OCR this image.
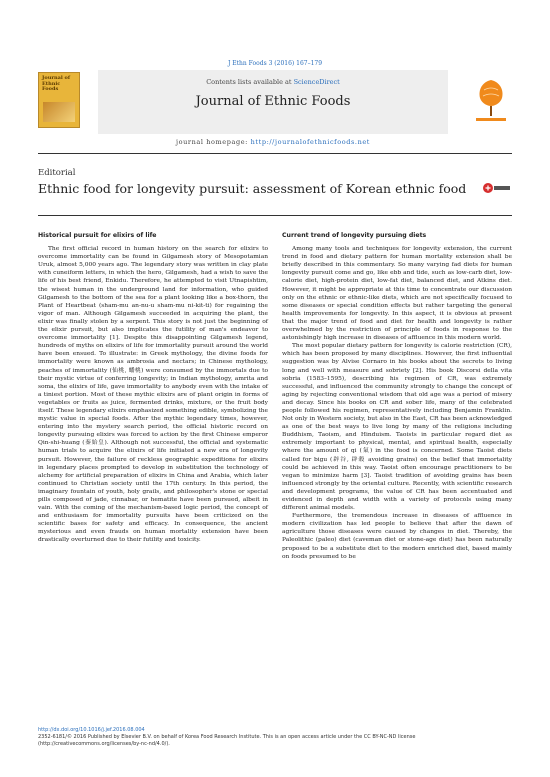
J Ethn Foods 3 (2016) 167–179
Journal of Ethnic Foods
Contents lists available at ScienceDirect
Journal of Ethnic Foods
journal homepage: http://journalofethnicfoods.net
Editorial
Ethnic food for longevity pursuit: assessment of Korean ethnic food
Historical pursuit for elixirs of life

The first official record in human history on the search for elixirs to overcome immortality can be found in Gilgamesh story of Mesopotamian Uruk, almost 5,000 years ago. The legendary story was written in clay plate with cuneiform letters, in which the hero, Gilgamesh, had a wish to save the life of his best friend, Enkidu. Therefore, he attempted to visit Utnapishtim, the wisest human in the underground land for information, who guided Gilgamesh to the bottom of the sea for a plant looking like a box-thorn, the Plant of Heartbeat (sham-mu an-nu-u sham-mu ni-kit-ti) for regaining the vigor of man. Although Gilgamesh succeeded in acquiring the plant, the elixir was finally stolen by a serpent. This story is not just the beginning of the elixir pursuit, but also implicates the futility of man's endeavor to overcome immortality [1]. Despite this disappointing Gilgamesh legend, hundreds of myths on elixirs of life for immortality pursuit around the world have been ensued. To illustrate: in Greek mythology, the divine foods for immortality were known as ambrosia and nectars; in Chinese mythology, peaches of immortality (仙桃, 蟠桃) were consumed by the immortals due to their mystic virtue of conferring longevity; in Indian mythology, amrita and soma, the elixirs of life, gave immortality to anybody even with the intake of a tiniest portion. Most of these mythic elixirs are of plant origin in forms of vegetables or fruits as juice, fermented drinks, mixture, or the fruit body itself. These legendary elixirs emphasized something edible, symbolizing the mystic value in special foods. After the mythic legendary times, however, entering into the mystery search period, the official historic record on longevity pursuing elixirs was forced to action by the first Chinese emperor Qin-shi-huang (秦始皇). Although not successful, the official and systematic human trials to acquire the elixirs of life initiated a new era of longevity pursuit. However, the failure of reckless geographic expeditions for elixirs in legendary places prompted to develop in substitution the technology of alchemy for artificial preparation of elixirs in China and Arabia, which later continued to Christian society until the 17th century. In this period, the imaginary fountain of youth, holy grails, and philosopher's stone or special pills composed of jade, cinnabar, or hematite have been pursued, albeit in vain. With the coming of the mechanism-based logic period, the concept of and enthusiasm for immortality pursuits have been criticized on the scientific bases for safety and efficacy. In consequence, the ancient mysterious and even frauds on human mortality extension have been drastically overturned due to their futility and toxicity.

Current trend of longevity pursuing diets

Among many tools and techniques for longevity extension, the current trend in food and dietary pattern for human mortality extension shall be briefly described in this commentary. So many varying fad diets for human longevity pursuit come and go, like ebb and tide, such as low-carb diet, low-calorie diet, high-protein diet, low-fat diet, balanced diet, and Atkins diet. However, it might be appropriate at this time to concentrate our discussion only on the ethnic or ethnic-like diets, which are not specifically focused to some diseases or special condition effects but rather targeting the general health improvements for longevity. In this aspect, it is obvious at present that the major trend of food and diet for health and longevity is rather overwhelmed by the restriction of principle of foods in response to the astonishingly high increase in diseases of affluence in this modern world.

The most popular dietary pattern for longevity is calorie restriction (CR), which has been proposed by many disciplines. However, the first influential suggestion was by Alvise Cornaro in his books about the secrets to living long and well with measure and sobriety [2]. His book Discorsi della vita sobria (1583–1595), describing his regimen of CR, was extremely successful, and influenced the community strongly to change the concept of aging by rejecting conventional wisdom that old age was a period of misery and decay. Since his books on CR and sober life, many of the celebrated people followed his regimen, representatively including Benjamin Franklin. Not only in Western society, but also in the East, CR has been acknowledged as one of the best ways to live long by many of the religions including Buddhism, Taoism, and Hinduism. Taoists in particular regard diet as extremely important to physical, mental, and spiritual health, especially where the amount of qi (氣) in the food is concerned. Some Taoist diets called for bigu (辟谷, 辟穀 avoiding grains) on the belief that immortality could be achieved in this way. Taoist often encourage practitioners to be vegan to minimize harm [3]. Taoist tradition of avoiding grains has been influenced strongly by the oriental culture. Recently, with scientific research and development programs, the value of CR has been accentuated and evidenced in depth and width with a variety of protocols using many different animal models.

Furthermore, the tremendous increase in diseases of affluence in modern civilization has led people to believe that after the dawn of agriculture those diseases were caused by changes in diet. Thereby, the Paleolithic (paleo) diet (caveman diet or stone-age diet) has been naturally proposed to be a substitute diet to the modern enriched diet, based mainly on foods presumed to be

http://dx.doi.org/10.1016/j.jef.2016.08.004
2352-6181/© 2016 Published by Elsevier B.V. on behalf of Korea Food Research Institute. This is an open access article under the CC BY-NC-ND license (http://creativecommons.org/licenses/by-nc-nd/4.0/).
